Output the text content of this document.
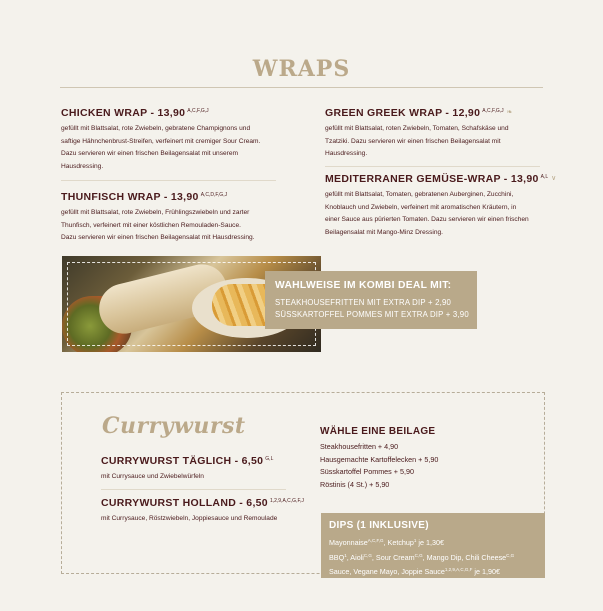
WRAPS
CHICKEN WRAP - 13,90 $^{A,C,F,G,J}$
gefüllt mit Blattsalat, rote Zwiebeln, gebratene Champignons und
saftige Hähnchenbrust-Streifen, verfeinert mit cremiger Sour Cream.
Dazu servieren wir einen frischen Beilagensalat mit unserem
Hausdressing.
THUNFISCH WRAP - 13,90 $^{A,C,D,F,G,J}$
gefüllt mit Blattsalat, rote Zwiebeln, Frühlingszwiebeln und zarter
Thunfisch, verfeinert mit einer köstlichen Remouladen-Sauce.
Dazu servieren wir einen frischen Beilagensalat mit Hausdressing.
GREEN GREEK WRAP - 12,90 $^{A,C,F,G,J}$ ❧
gefüllt mit Blattsalat, roten Zwiebeln, Tomaten, Schafskäse und
Tzatziki. Dazu servieren wir einen frischen Beilagensalat mit
Hausdressing.
MEDITERRANER GEMÜSE-WRAP - 13,90 $^{A,L}$ ∨
gefüllt mit Blattsalat, Tomaten, gebratenen Auberginen, Zucchini,
Knoblauch und Zwiebeln, verfeinert mit aromatischen Kräutern, in
einer Sauce aus pürierten Tomaten. Dazu servieren wir einen frischen
Beilagensalat mit Mango-Minz Dressing.
WAHLWEISE IM KOMBI DEAL MIT:
STEAKHOUSEFRITTEN MIT EXTRA DIP + 2,90
SÜSSKARTOFFEL POMMES MIT EXTRA DIP + 3,90
Currywurst
CURRYWURST TÄGLICH - 6,50 $^{G,L}$
mit Currysauce und Zwiebelwürfeln
CURRYWURST HOLLAND - 6,50 $^{1,2,9,A,C,G,F,J}$
mit Currysauce, Röstzwiebeln, Joppiesauce und Remoulade
WÄHLE EINE BEILAGE
Steakhousefritten + 4,90
Hausgemachte Kartoffelecken + 5,90
Süsskartoffel Pommes + 5,90
Röstinis (4 St.) + 5,90
DIPS (1 INKLUSIVE)
Mayonnaise$^{A,C,F,G}$, Ketchup$^1$ je 1,30€
BBQ$^1$, Aioli$^{C,G}$, Sour Cream$^{C,G}$, Mango Dip, Chili Cheese$^{C,G}$
Sauce, Vegane Mayo, Joppie Sauce$^{1,2,9,A,C,G,F}$ je 1,90€
